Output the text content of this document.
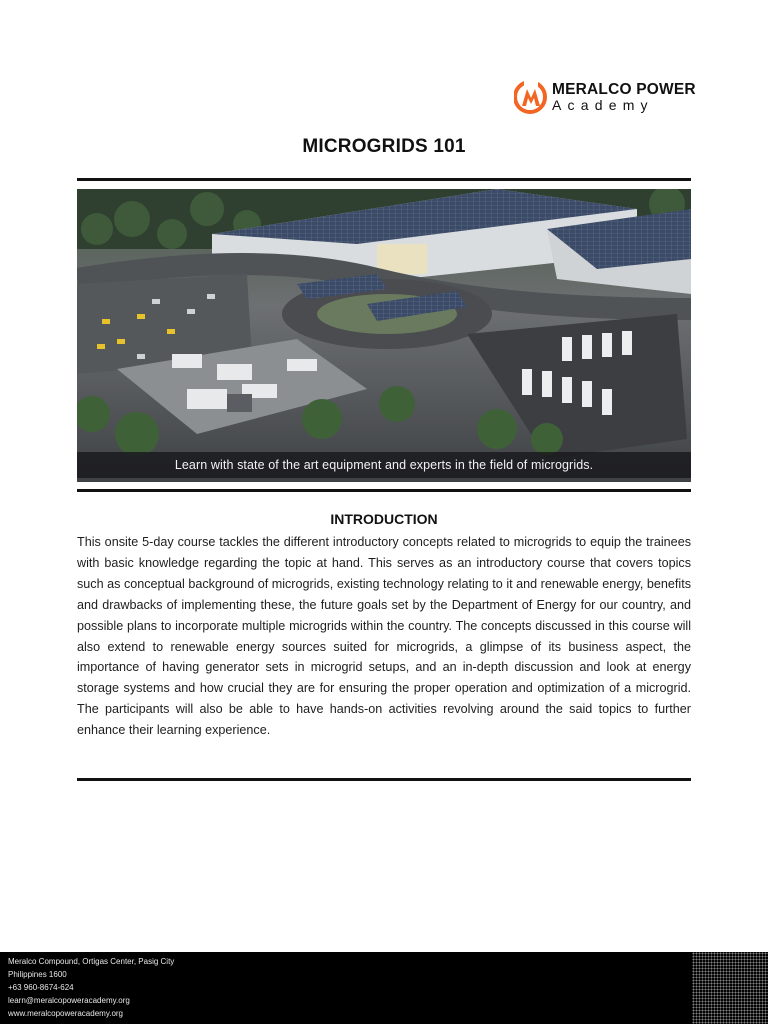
MERALCO POWER
Academy
MICROGRIDS 101
Learn with state of the art equipment and experts in the field of microgrids.
INTRODUCTION
This onsite 5-day course tackles the different introductory concepts related to microgrids to equip the trainees with basic knowledge regarding the topic at hand. This serves as an introductory course that covers topics such as conceptual background of microgrids, existing technology relating to it and renewable energy, benefits and drawbacks of implementing these, the future goals set by the Department of Energy for our country, and possible plans to incorporate multiple microgrids within the country. The concepts discussed in this course will also extend to renewable energy sources suited for microgrids, a glimpse of its business aspect, the importance of having generator sets in microgrid setups, and an in-depth discussion and look at energy storage systems and how crucial they are for ensuring the proper operation and optimization of a microgrid. The participants will also be able to have hands-on activities revolving around the said topics to further enhance their learning experience.
Meralco Compound, Ortigas Center, Pasig City
Philippines 1600
+63 960-8674-624
learn@meralcopoweracademy.org
www.meralcopoweracademy.org
